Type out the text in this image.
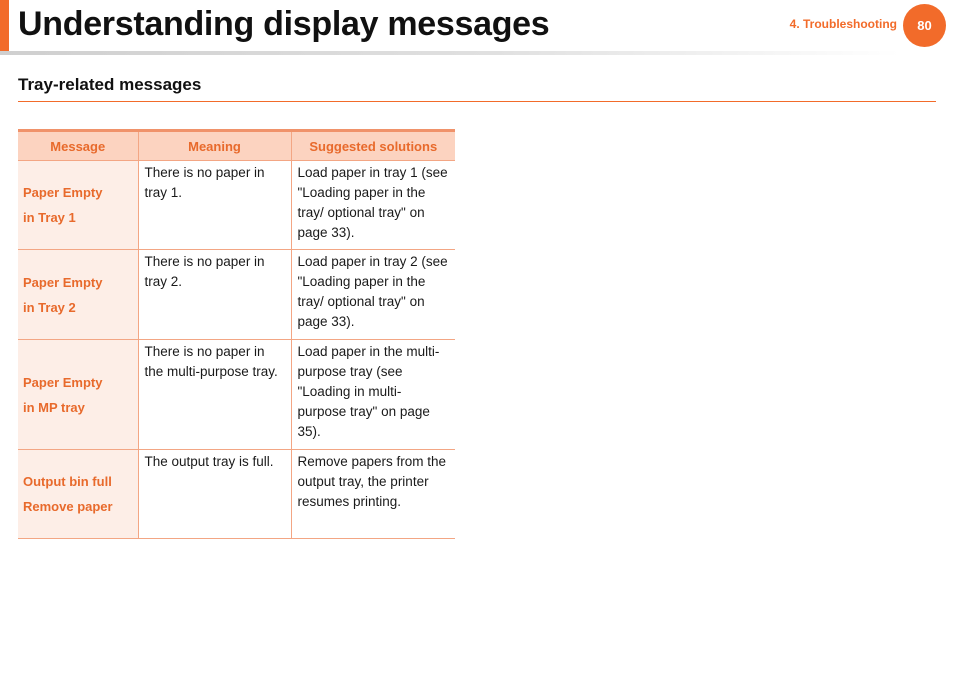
Understanding display messages	4. Troubleshooting	80
Tray-related messages
Message	Meaning	Suggested solutions

Paper Empty
in Tray 1	There is no paper in tray 1.	Load paper in tray 1 (see "Loading paper in the tray/ optional tray" on page 33).

Paper Empty
in Tray 2	There is no paper in tray 2.	Load paper in tray 2 (see "Loading paper in the tray/ optional tray" on page 33).

Paper Empty
in MP tray	There is no paper in the multi-purpose tray.	Load paper in the multi-purpose tray (see "Loading in multi-purpose tray" on page 35).

Output bin full
Remove paper	The output tray is full.	Remove papers from the output tray, the printer resumes printing.
